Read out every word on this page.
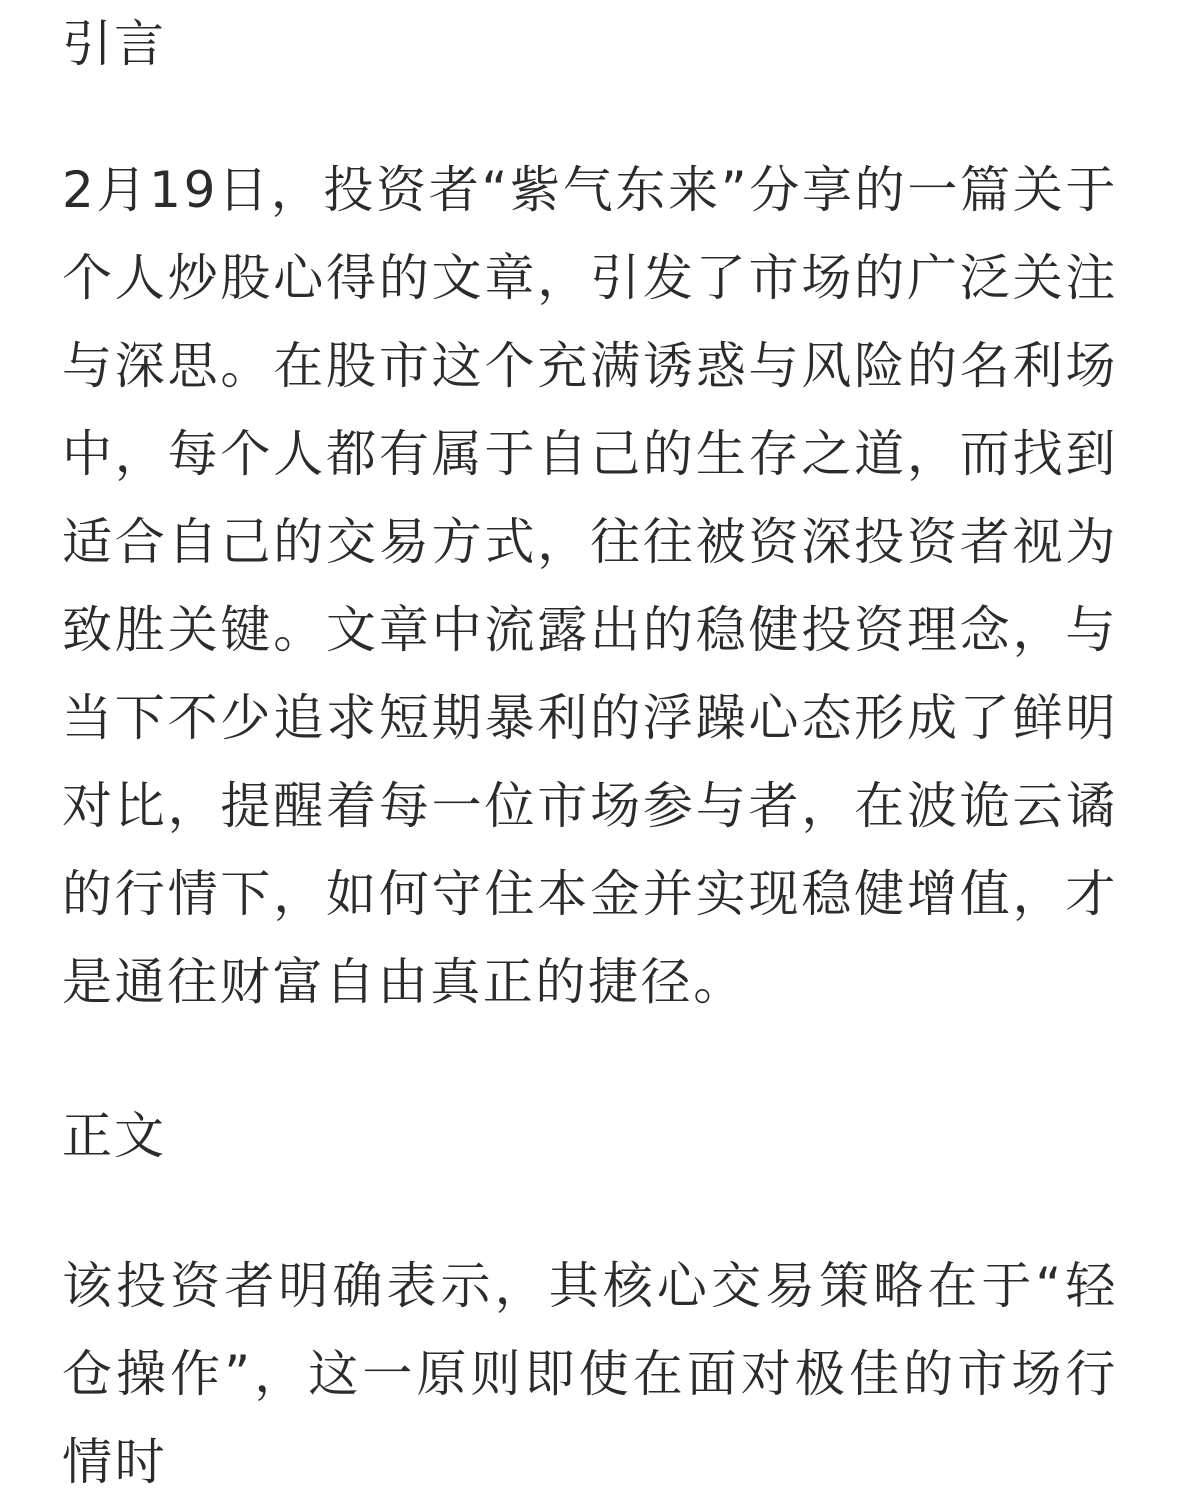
引言

2月19日，投资者“紫气东来”分享的一篇关于个人炒股心得的文章，引发了市场的广泛关注与深思。在股市这个充满诱惑与风险的名利场中，每个人都有属于自己的生存之道，而找到适合自己的交易方式，往往被资深投资者视为致胜关键。文章中流露出的稳健投资理念，与当下不少追求短期暴利的浮躁心态形成了鲜明对比，提醒着每一位市场参与者，在波诡云谲的行情下，如何守住本金并实现稳健增值，才是通往财富自由真正的捷径。

正文

该投资者明确表示，其核心交易策略在于“轻仓操作”，这一原则即使在面对极佳的市场行情时
